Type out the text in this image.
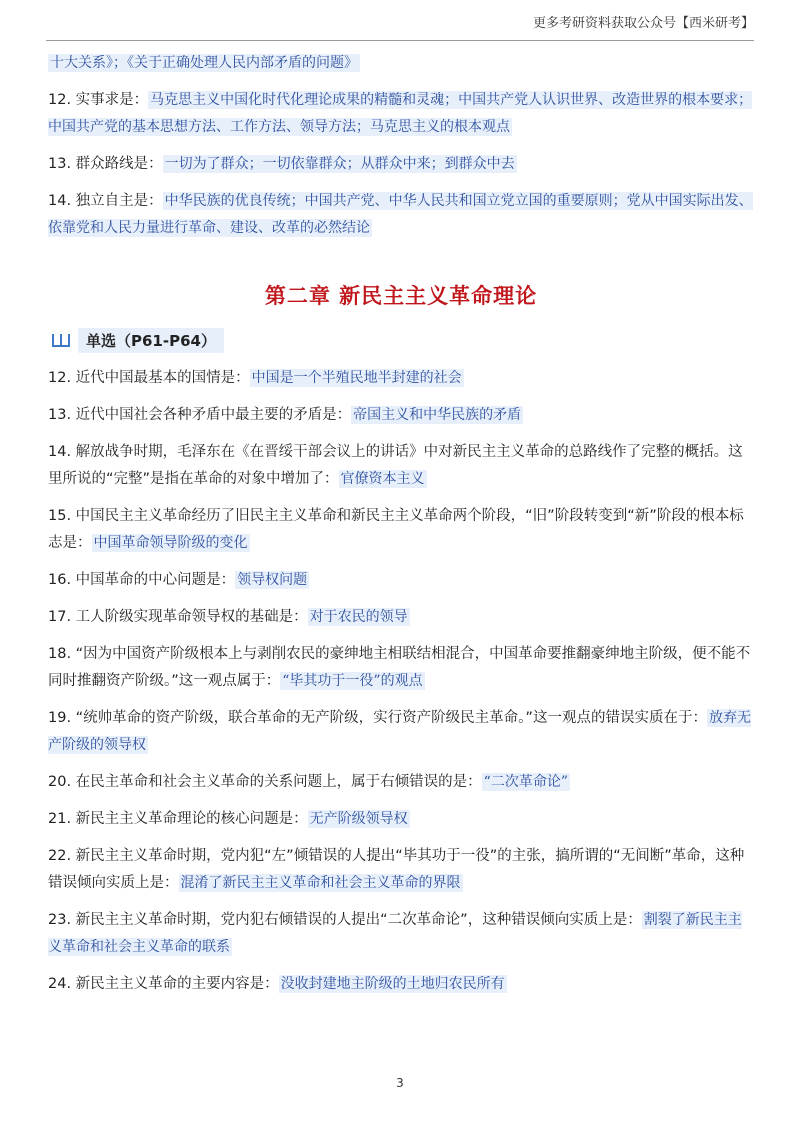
更多考研资料获取公众号【西米研考】

十大关系》；《关于正确处理人民内部矛盾的问题》

12. 实事求是： 马克思主义中国化时代化理论成果的精髓和灵魂；中国共产党人认识世界、改造世界的根本要求；中国共产党的基本思想方法、工作方法、领导方法；马克思主义的根本观点

13. 群众路线是： 一切为了群众；一切依靠群众；从群众中来；到群众中去

14. 独立自主是： 中华民族的优良传统；中国共产党、中华人民共和国立党立国的重要原则；党从中国实际出发、依靠党和人民力量进行革命、建设、改革的必然结论

第二章 新民主主义革命理论
单选（P61-P64）

12. 近代中国最基本的国情是： 中国是一个半殖民地半封建的社会

13. 近代中国社会各种矛盾中最主要的矛盾是： 帝国主义和中华民族的矛盾

14. 解放战争时期，毛泽东在《在晋绥干部会议上的讲话》中对新民主主义革命的总路线作了完整的概括。这里所说的“完整”是指在革命的对象中增加了： 官僚资本主义

15. 中国民主主义革命经历了旧民主主义革命和新民主主义革命两个阶段，“旧”阶段转变到“新”阶段的根本标志是： 中国革命领导阶级的变化

16. 中国革命的中心问题是： 领导权问题

17. 工人阶级实现革命领导权的基础是： 对于农民的领导

18. “因为中国资产阶级根本上与剥削农民的豪绅地主相联结相混合，中国革命要推翻豪绅地主阶级，便不能不同时推翻资产阶级。”这一观点属于： “毕其功于一役”的观点

19. “统帅革命的资产阶级，联合革命的无产阶级，实行资产阶级民主革命。”这一观点的错误实质在于： 放弃无产阶级的领导权

20. 在民主革命和社会主义革命的关系问题上，属于右倾错误的是： “二次革命论”

21. 新民主主义革命理论的核心问题是： 无产阶级领导权

22. 新民主主义革命时期，党内犯“左”倾错误的人提出“毕其功于一役”的主张，搞所谓的“无间断”革命，这种错误倾向实质上是： 混淆了新民主主义革命和社会主义革命的界限

23. 新民主主义革命时期，党内犯右倾错误的人提出“二次革命论”，这种错误倾向实质上是： 割裂了新民主主义革命和社会主义革命的联系

24. 新民主主义革命的主要内容是： 没收封建地主阶级的土地归农民所有

3
